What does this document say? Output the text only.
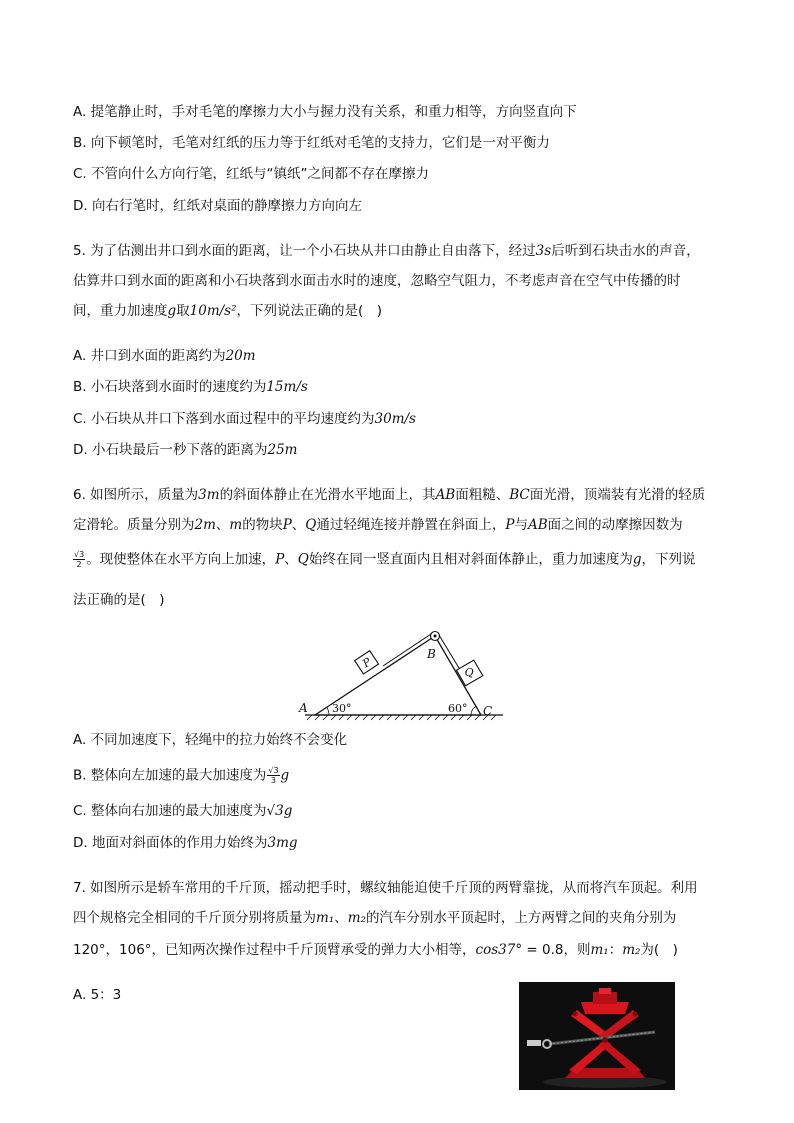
A. 提笔静止时，手对毛笔的摩擦力大小与握力没有关系，和重力相等，方向竖直向下
B. 向下顿笔时，毛笔对红纸的压力等于红纸对毛笔的支持力，它们是一对平衡力
C. 不管向什么方向行笔，红纸与“镇纸”之间都不存在摩擦力
D. 向右行笔时，红纸对桌面的静摩擦力方向向左
5. 为了估测出井口到水面的距离，让一个小石块从井口由静止自由落下，经过3s后听到石块击水的声音，
估算井口到水面的距离和小石块落到水面击水时的速度，忽略空气阻力，不考虑声音在空气中传播的时
间，重力加速度g取10m/s²，下列说法正确的是(　)
A. 井口到水面的距离约为20m
B. 小石块落到水面时的速度约为15m/s
C. 小石块从井口下落到水面过程中的平均速度约为30m/s
D. 小石块最后一秒下落的距离为25m
6. 如图所示，质量为3m的斜面体静止在光滑水平地面上，其AB面粗糙、BC面光滑，顶端装有光滑的轻质
定滑轮。质量分别为2m、m的物块P、Q通过轻绳连接并静置在斜面上，P与AB面之间的动摩擦因数为
$\frac{√3}{2}$ 。现使整体在水平方向上加速，P、Q始终在同一竖直面内且相对斜面体静止，重力加速度为g，下列说
法正确的是(　)
P
Q
A
B
C
30°	60°
A. 不同加速度下，轻绳中的拉力始终不会变化
B. 整体向左加速的最大加速度为 $\frac{√3}{3}$ g
C. 整体向右加速的最大加速度为√3g
D. 地面对斜面体的作用力始终为3mg
7. 如图所示是轿车常用的千斤顶，摇动把手时，螺纹轴能迫使千斤顶的两臂靠拢，从而将汽车顶起。利用
四个规格完全相同的千斤顶分别将质量为m₁、m₂的汽车分别水平顶起时，上方两臂之间的夹角分别为
120°，106°，已知两次操作过程中千斤顶臂承受的弹力大小相等，cos37° = 0.8，则m₁：m₂为(　)
A. 5：3
